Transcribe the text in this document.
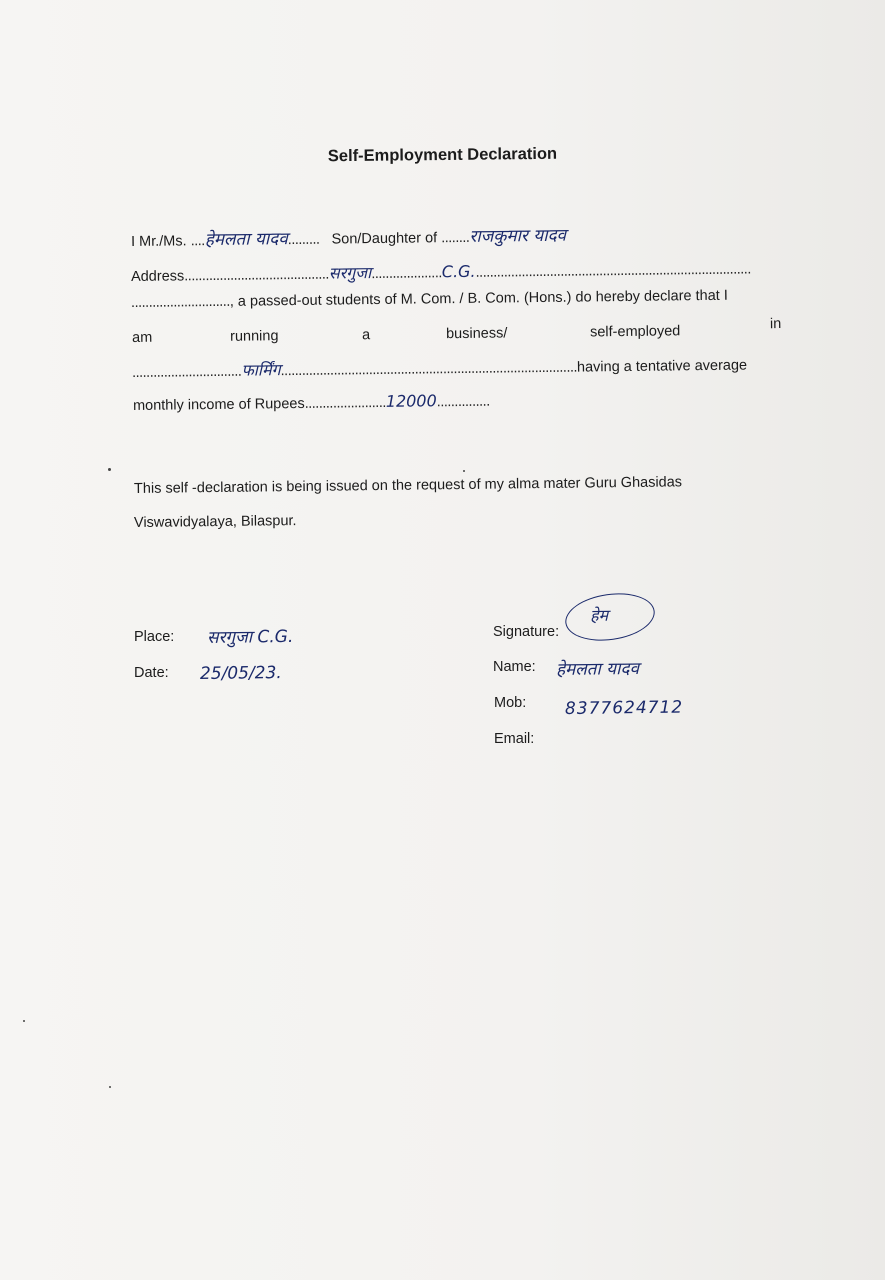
Self-Employment Declaration
I Mr./Ms. ....हेमलता यादव......... Son/Daughter of ........राजकुमार यादव
Address.........................................सरगुजा....................C.G...............................................................................
............................, a passed-out students of M. Com. / B. Com. (Hons.) do hereby declare that I
am	running	a	business/	self-employed	in
...............................फार्मिंग....................................................................................having a tentative average
monthly income of Rupees.......................12000...............
This self -declaration is being issued on the request of my alma mater Guru Ghasidas
Viswavidyalaya, Bilaspur.
Place: सरगुजा C.G.
Date: 25/05/23.
Signature:
हेम
Name: हेमलता यादव
Mob: 8377624712
Email:
